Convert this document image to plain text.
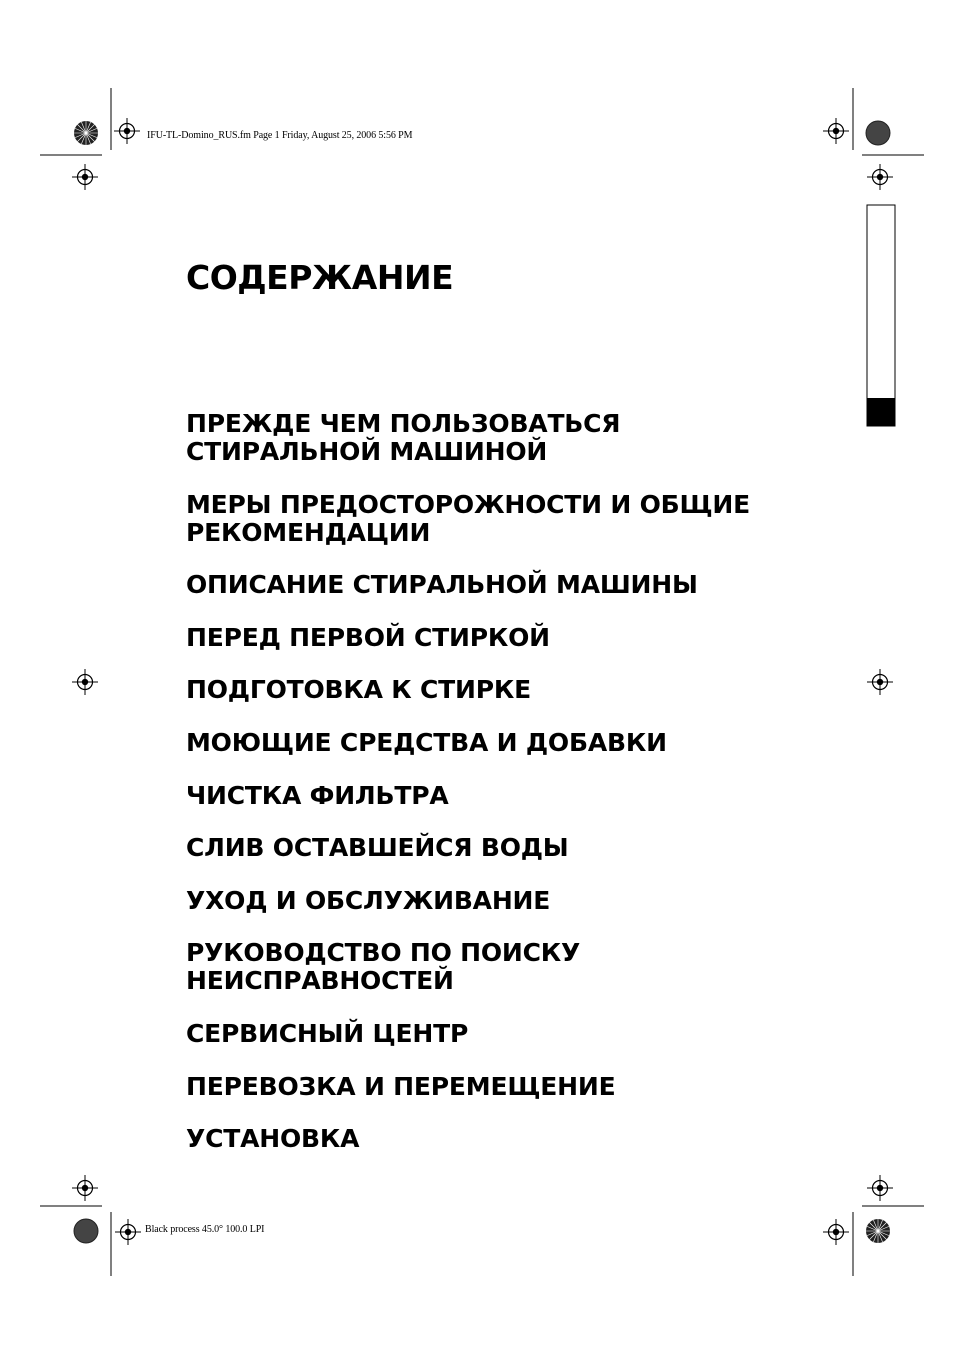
IFU-TL-Domino_RUS.fm Page 1 Friday, August 25, 2006 5:56 PM
СОДЕРЖАНИЕ
ПРЕЖДЕ ЧЕМ ПОЛЬЗОВАТЬСЯ
СТИРАЛЬНОЙ МАШИНОЙ
МЕРЫ ПРЕДОСТОРОЖНОСТИ И ОБЩИЕ
РЕКОМЕНДАЦИИ
ОПИСАНИЕ СТИРАЛЬНОЙ МАШИНЫ
ПЕРЕД ПЕРВОЙ СТИРКОЙ
ПОДГОТОВКА К СТИРКЕ
МОЮЩИЕ СРЕДСТВА И ДОБАВКИ
ЧИСТКА ФИЛЬТРА
СЛИВ ОСТАВШЕЙСЯ ВОДЫ
УХОД И ОБСЛУЖИВАНИЕ
РУКОВОДСТВО ПО ПОИСКУ
НЕИСПРАВНОСТЕЙ
СЕРВИСНЫЙ ЦЕНТР
ПЕРЕВОЗКА И ПЕРЕМЕЩЕНИЕ
УСТАНОВКА
Black process 45.0° 100.0 LPI
